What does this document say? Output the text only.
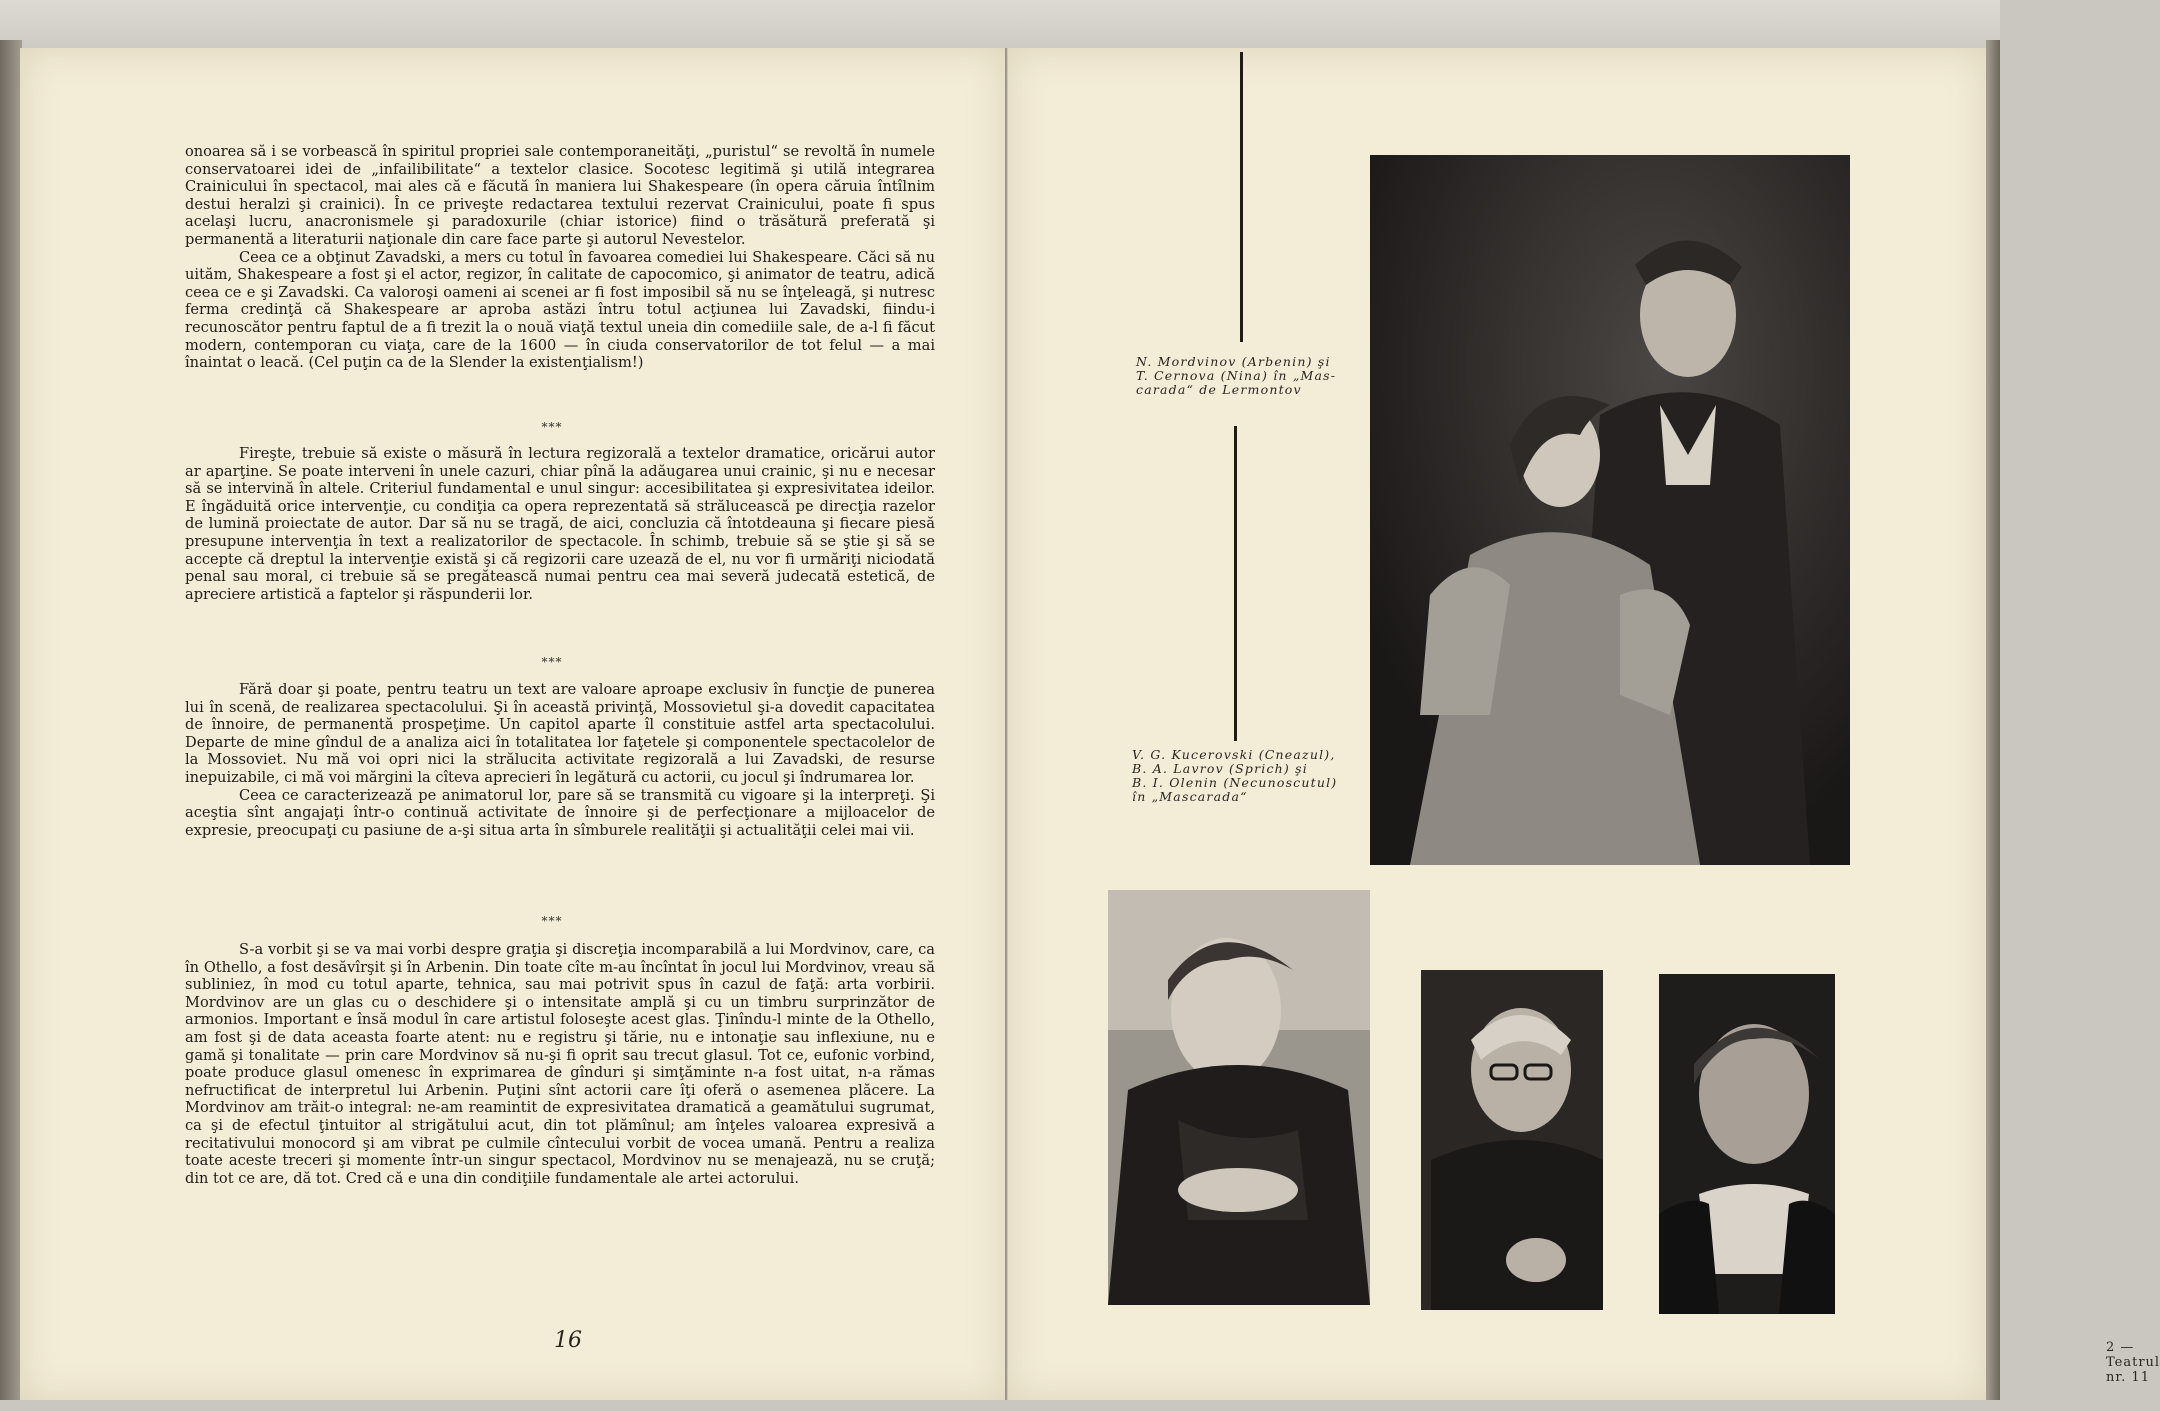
onoarea să i se vorbească în spiritul propriei sale contemporaneităţi, „puristul“ se revoltă în numele conservatoarei idei de „infailibilitate“ a textelor clasice. Socotesc legitimă şi utilă integrarea Crainicului în spectacol, mai ales că e făcută în maniera lui Shakespeare (în opera căruia întîlnim destui heralzi şi crainici). În ce priveşte redactarea textului rezervat Crainicului, poate fi spus acelaşi lucru, anacronismele şi paradoxurile (chiar istorice) fiind o trăsătură preferată şi permanentă a literaturii naţionale din care face parte şi autorul Nevestelor.

Ceea ce a obţinut Zavadski, a mers cu totul în favoarea comediei lui Shakespeare. Căci să nu uităm, Shakespeare a fost şi el actor, regizor, în calitate de capocomico, şi animator de teatru, adică ceea ce e şi Zavadski. Ca valoroşi oameni ai scenei ar fi fost imposibil să nu se înţeleagă, şi nutresc ferma credinţă că Shakespeare ar aproba astăzi întru totul acţiunea lui Zavadski, fiindu-i recunoscător pentru faptul de a fi trezit la o nouă viaţă textul uneia din comediile sale, de a-l fi făcut modern, contemporan cu viaţa, care de la 1600 — în ciuda conservatorilor de tot felul — a mai înaintat o leacă. (Cel puţin ca de la Slender la existenţialism!)

***

Fireşte, trebuie să existe o măsură în lectura regizorală a textelor dramatice, oricărui autor ar aparţine. Se poate interveni în unele cazuri, chiar pînă la adăugarea unui crainic, şi nu e necesar să se intervină în altele. Criteriul fundamental e unul singur: accesibilitatea şi expresivitatea ideilor. E îngăduită orice intervenţie, cu condiţia ca opera reprezentată să strălucească pe direcţia razelor de lumină proiectate de autor. Dar să nu se tragă, de aici, concluzia că întotdeauna şi fiecare piesă presupune intervenţia în text a realizatorilor de spectacole. În schimb, trebuie să se ştie şi să se accepte că dreptul la intervenţie există şi că regizorii care uzează de el, nu vor fi urmăriţi niciodată penal sau moral, ci trebuie să se pregătească numai pentru cea mai severă judecată estetică, de apreciere artistică a faptelor şi răspunderii lor.

***

Fără doar şi poate, pentru teatru un text are valoare aproape exclusiv în funcţie de punerea lui în scenă, de realizarea spectacolului. Şi în această privinţă, Mossovietul şi-a dovedit capacitatea de înnoire, de permanentă prospeţime. Un capitol aparte îl constituie astfel arta spectacolului. Departe de mine gîndul de a analiza aici în totalitatea lor faţetele şi componentele spectacolelor de la Mossoviet. Nu mă voi opri nici la strălucita activitate regizorală a lui Zavadski, de resurse inepuizabile, ci mă voi mărgini la cîteva aprecieri în legătură cu actorii, cu jocul şi îndrumarea lor.

Ceea ce caracterizează pe animatorul lor, pare să se transmită cu vigoare şi la interpreţi. Şi aceştia sînt angajaţi într-o continuă activitate de înnoire şi de perfecţionare a mijloacelor de expresie, preocupaţi cu pasiune de a-şi situa arta în sîmburele realităţii şi actualităţii celei mai vii.

***

S-a vorbit şi se va mai vorbi despre graţia şi discreţia incomparabilă a lui Mordvinov, care, ca în Othello, a fost desăvîrşit şi în Arbenin. Din toate cîte m-au încîntat în jocul lui Mordvinov, vreau să subliniez, în mod cu totul aparte, tehnica, sau mai potrivit spus în cazul de faţă: arta vorbirii. Mordvinov are un glas cu o deschidere şi o intensitate amplă şi cu un timbru surprinzător de armonios. Important e însă modul în care artistul foloseşte acest glas. Ţinîndu-l minte de la Othello, am fost şi de data aceasta foarte atent: nu e registru şi tărie, nu e intonaţie sau inflexiune, nu e gamă şi tonalitate — prin care Mordvinov să nu-şi fi oprit sau trecut glasul. Tot ce, eufonic vorbind, poate produce glasul omenesc în exprimarea de gînduri şi simţăminte n-a fost uitat, n-a rămas nefructificat de interpretul lui Arbenin. Puţini sînt actorii care îţi oferă o asemenea plăcere. La Mordvinov am trăit-o integral: ne-am reamintit de expresivitatea dramatică a geamătului sugrumat, ca şi de efectul ţintuitor al strigătului acut, din tot plămînul; am înţeles valoarea expresivă a recitativului monocord şi am vibrat pe culmile cîntecului vorbit de vocea umană. Pentru a realiza toate aceste treceri şi momente într-un singur spectacol, Mordvinov nu se menajează, nu se cruţă; din tot ce are, dă tot. Cred că e una din condiţiile fundamentale ale artei actorului.

16
N. Mordvinov (Arbenin) şi
T. Cernova (Nina) în „Mas-
carada“ de Lermontov
V. G. Kucerovski (Cneazul),
B. A. Lavrov (Sprich) şi
B. I. Olenin (Necunoscutul)
în „Mascarada“
2 — Teatrul nr. 11
